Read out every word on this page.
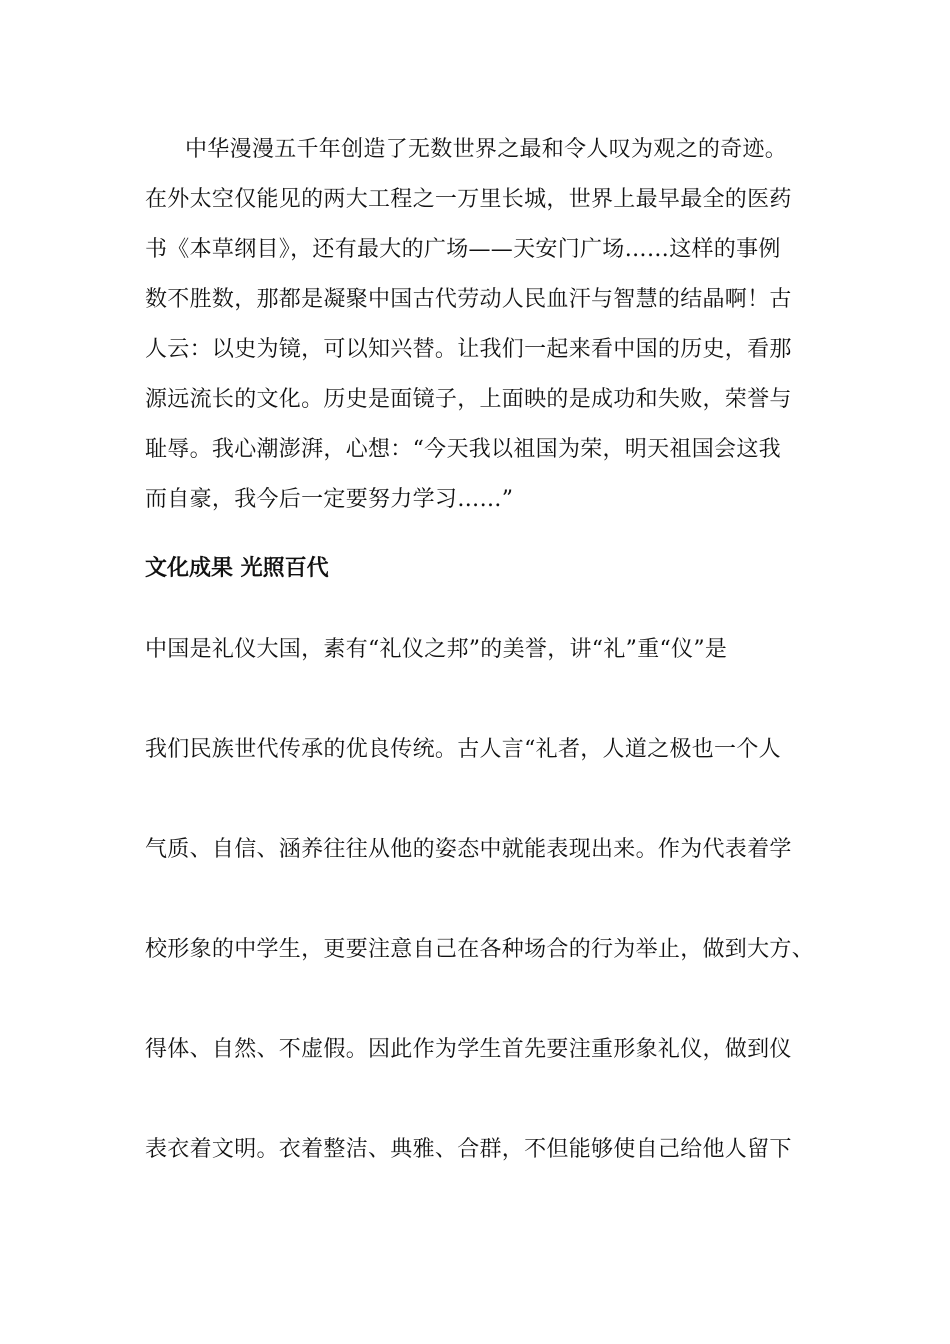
中华漫漫五千年创造了无数世界之最和令人叹为观之的奇迹。
在外太空仅能见的两大工程之一万里长城，世界上最早最全的医药
书《本草纲目》，还有最大的广场——天安门广场……这样的事例
数不胜数，那都是凝聚中国古代劳动人民血汗与智慧的结晶啊！古
人云：以史为镜，可以知兴替。让我们一起来看中国的历史，看那
源远流长的文化。历史是面镜子，上面映的是成功和失败，荣誉与
耻辱。我心潮澎湃，心想：“今天我以祖国为荣，明天祖国会这我
而自豪，我今后一定要努力学习……”
文化成果 光照百代
中国是礼仪大国，素有“礼仪之邦”的美誉，讲“礼”重“仪”是
我们民族世代传承的优良传统。古人言“礼者，人道之极也一个人
气质、自信、涵养往往从他的姿态中就能表现出来。作为代表着学
校形象的中学生，更要注意自己在各种场合的行为举止，做到大方、
得体、自然、不虚假。因此作为学生首先要注重形象礼仪，做到仪
表衣着文明。衣着整洁、典雅、合群，不但能够使自己给他人留下
